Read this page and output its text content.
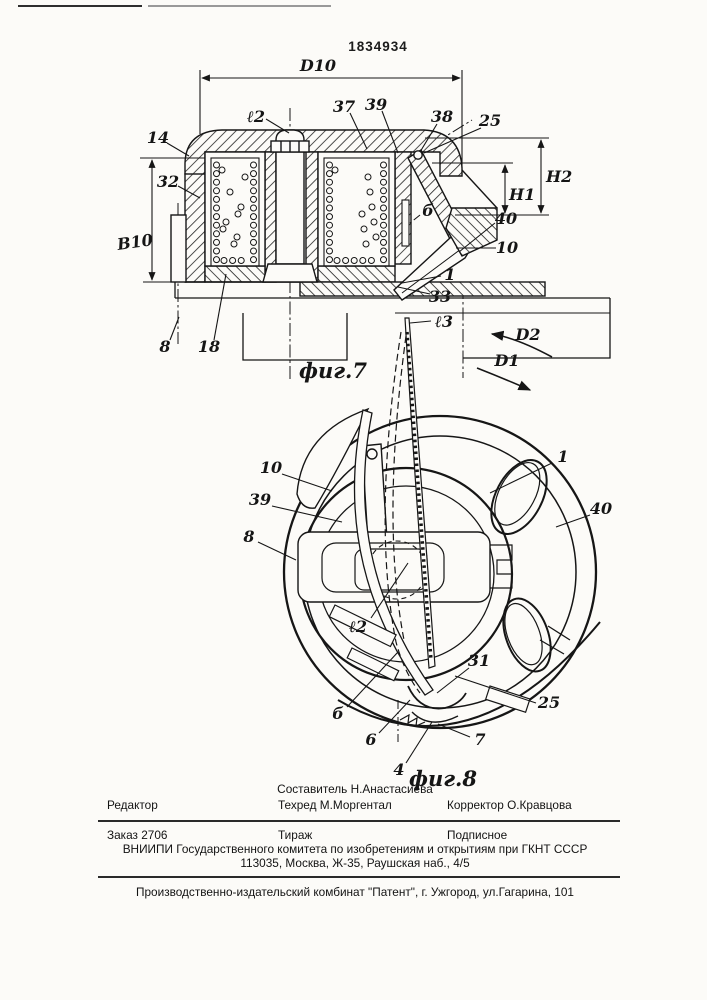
1834934
D10
B10
H1
H2
14
32
ℓ2
37 39
38 25
б	40
10
1
33
8 18
фиг.7
ℓ3
D2
D1
1
40
10
39
8
ℓ2
31
25
б
6	7
4 фиг.8
Составитель Н.Анастасиева
Редактор	Техред М.Моргентал	Корректор О.Кравцова
Заказ 2706	Тираж	Подписное
ВНИИПИ Государственного комитета по изобретениям и открытиям при ГКНТ СССР
113035, Москва, Ж-35, Раушская наб., 4/5
Производственно-издательский комбинат "Патент", г. Ужгород, ул.Гагарина, 101
